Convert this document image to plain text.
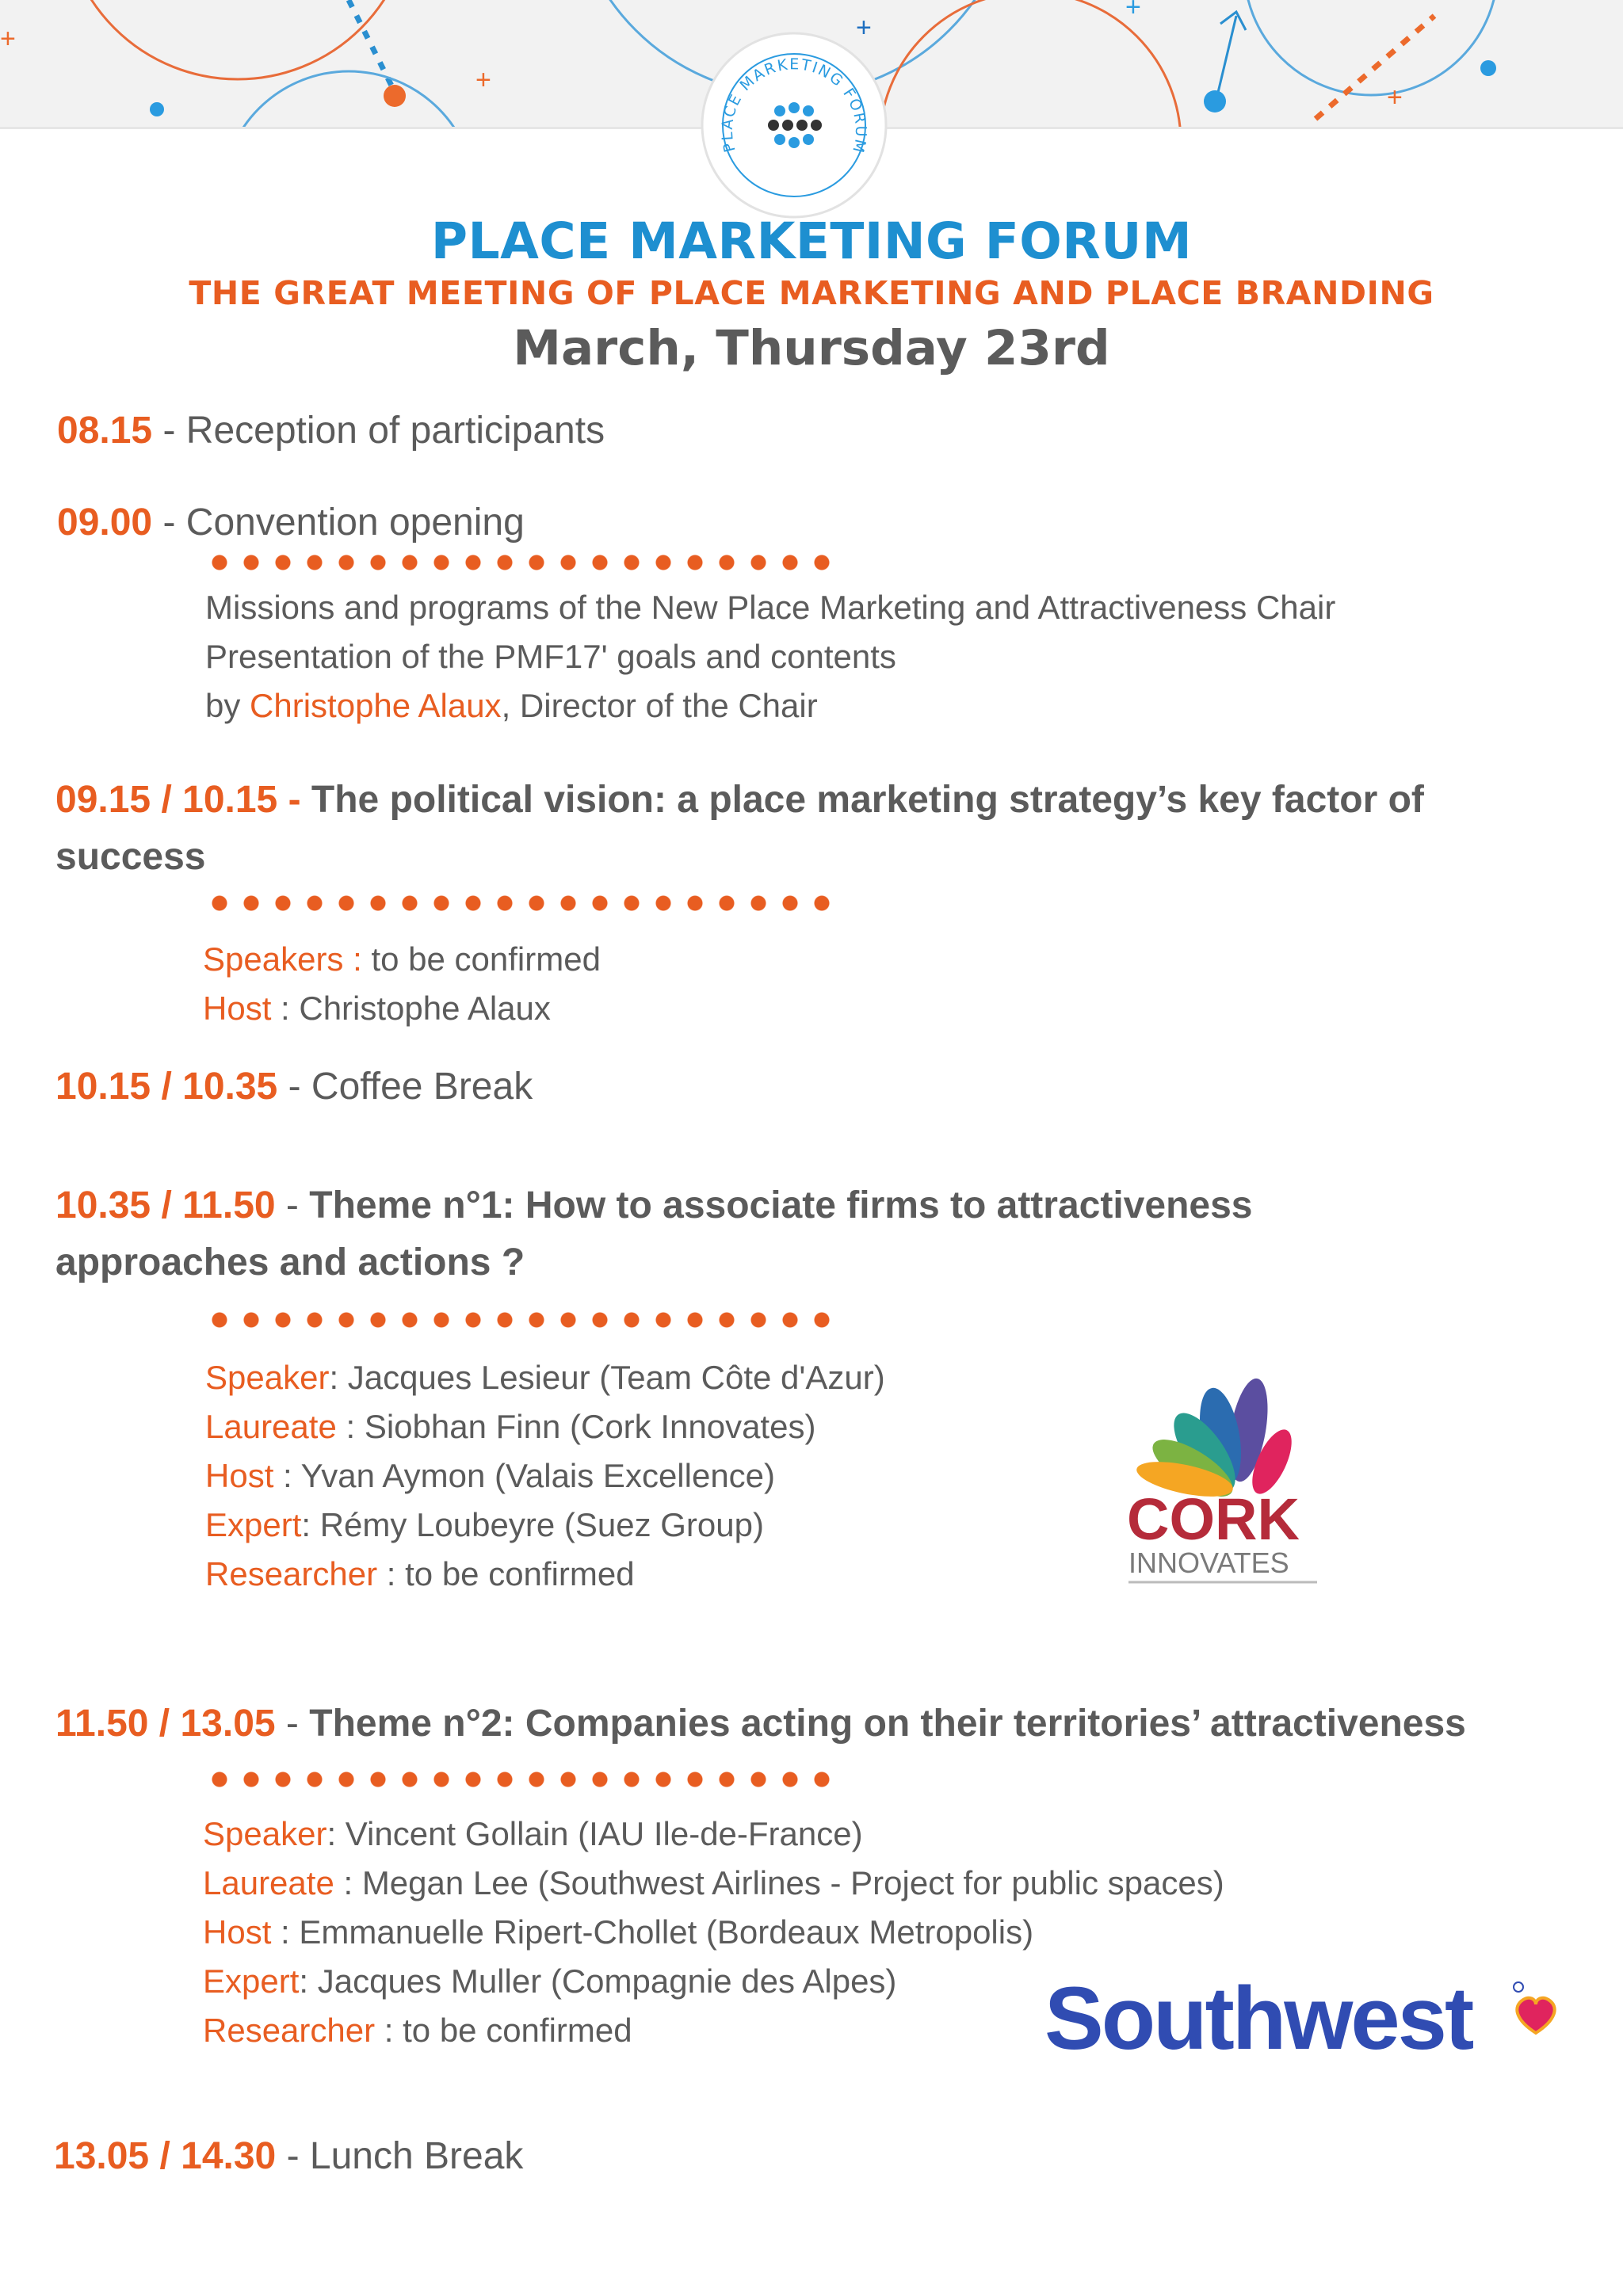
+
+	+
+
+
PLACE MARKETING FORUM
PLACE MARKETING FORUM
THE GREAT MEETING OF PLACE MARKETING AND PLACE BRANDING
March, Thursday 23rd
08.15 - Reception of participants
09.00 - Convention opening
Missions and programs of the New Place Marketing and Attractiveness Chair
Presentation of the PMF17' goals and contents
by Christophe Alaux, Director of the Chair
09.15 / 10.15 - The political vision: a place marketing strategy’s key factor of
success
Speakers : to be confirmed
Host : Christophe Alaux
10.15 / 10.35 - Coffee Break
10.35 / 11.50 - Theme n°1: How to associate firms to attractiveness
approaches and actions ?
Speaker: Jacques Lesieur (Team Côte d'Azur)
Laureate : Siobhan Finn (Cork Innovates)
Host : Yvan Aymon (Valais Excellence)
Expert: Rémy Loubeyre (Suez Group)
Researcher : to be confirmed
CORK
INNOVATES
11.50 / 13.05 - Theme n°2: Companies acting on their territories’ attractiveness
Speaker: Vincent Gollain (IAU Ile-de-France)
Laureate : Megan Lee (Southwest Airlines - Project for public spaces)
Host : Emmanuelle Ripert-Chollet (Bordeaux Metropolis)
Expert: Jacques Muller (Compagnie des Alpes)
Researcher : to be confirmed	Southwest
13.05 / 14.30 - Lunch Break
